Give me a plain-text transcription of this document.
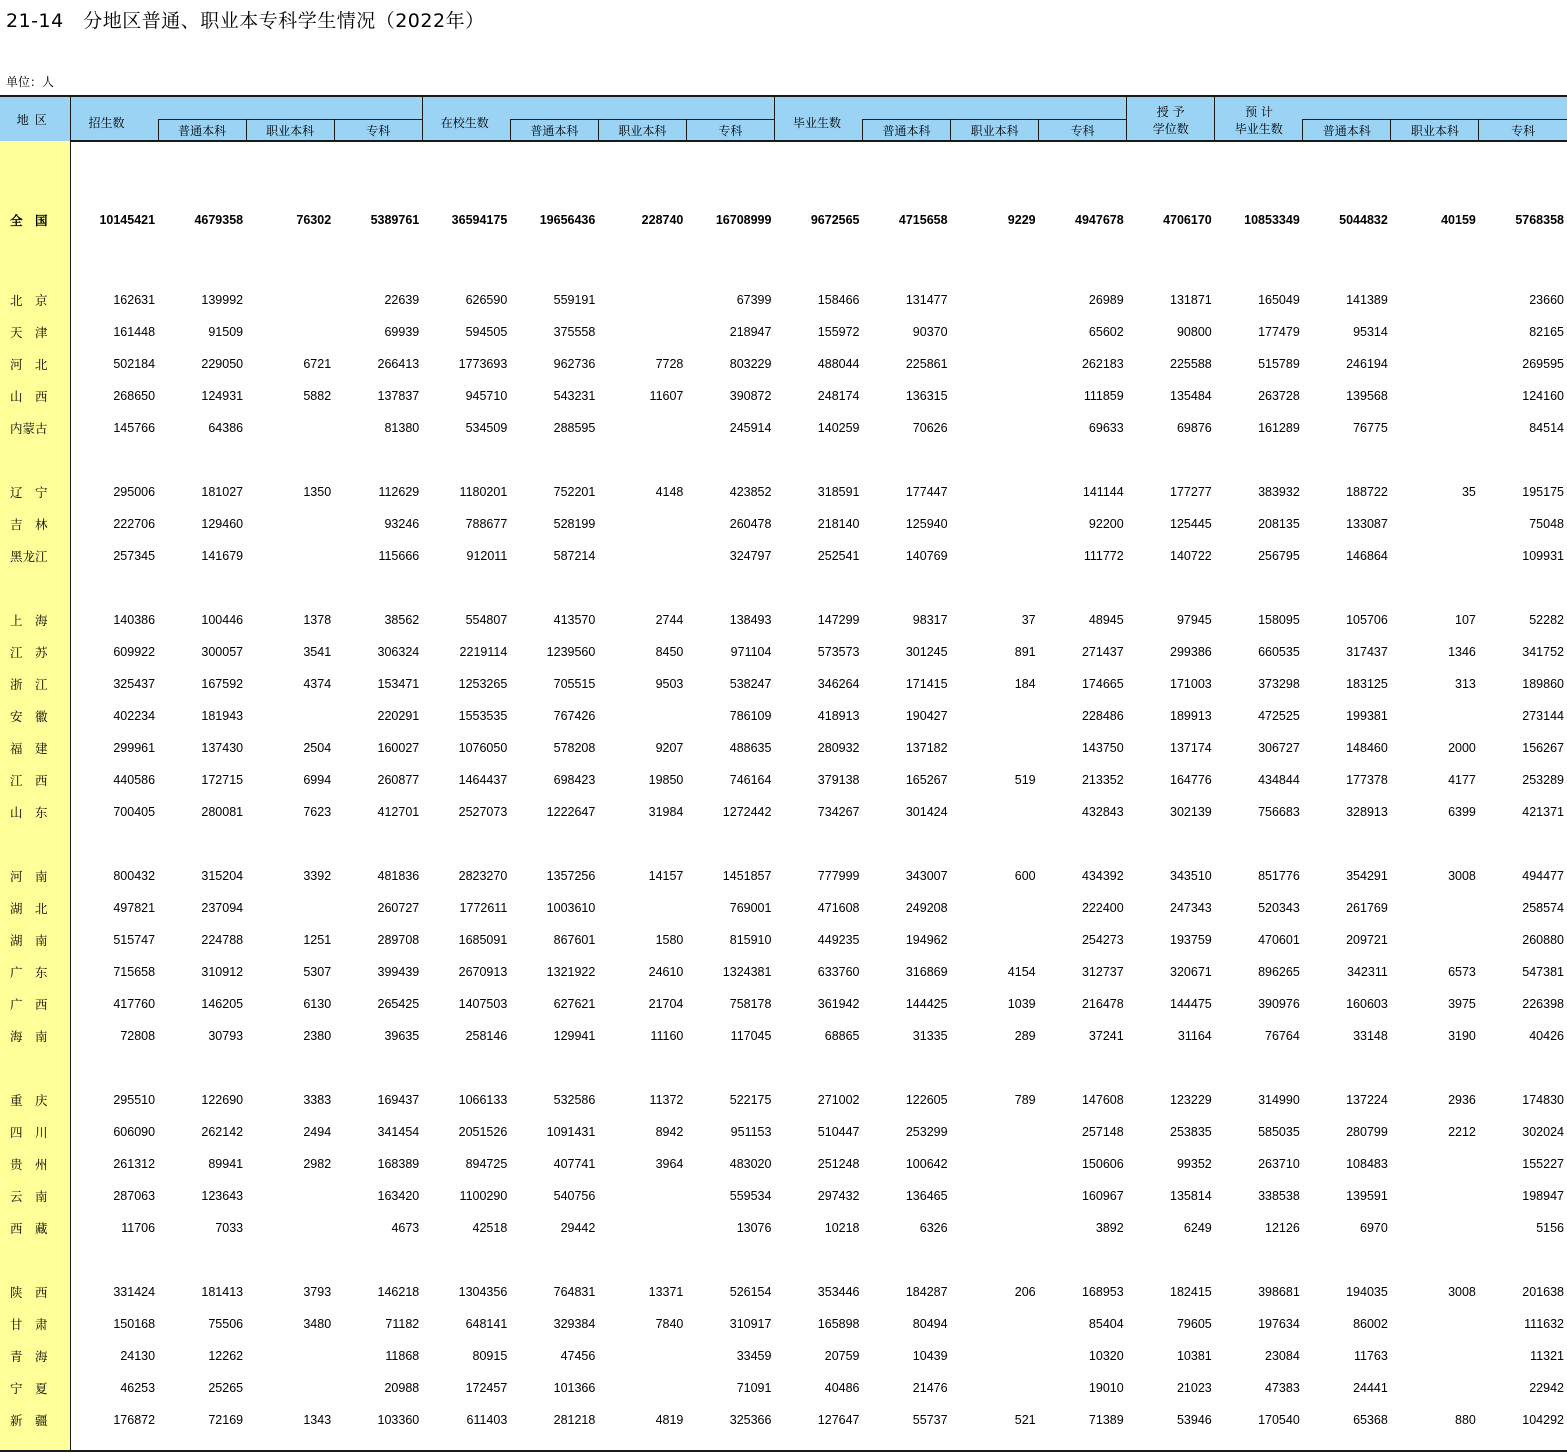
21-14　分地区普通、职业本专科学生情况（2022年）
单位：人
地区	招生数				在校生数				毕业生数				授 予	预 计			
		普通本科	职业本科	专科		普通本科	职业本科	专科		普通本科	职业本科	专科	学位数	毕业生数	普通本科	职业本科	专科

全　国	10145421	4679358	76302	5389761	36594175	19656436	228740	16708999	9672565	4715658	9229	4947678	4706170	10853349	5044832	40159	5768358

北　京	162631	139992		22639	626590	559191		67399	158466	131477		26989	131871	165049	141389		23660
天　津	161448	91509		69939	594505	375558		218947	155972	90370		65602	90800	177479	95314		82165
河　北	502184	229050	6721	266413	1773693	962736	7728	803229	488044	225861		262183	225588	515789	246194		269595
山　西	268650	124931	5882	137837	945710	543231	11607	390872	248174	136315		111859	135484	263728	139568		124160
内蒙古	145766	64386		81380	534509	288595		245914	140259	70626		69633	69876	161289	76775		84514

辽　宁	295006	181027	1350	112629	1180201	752201	4148	423852	318591	177447		141144	177277	383932	188722	35	195175
吉　林	222706	129460		93246	788677	528199		260478	218140	125940		92200	125445	208135	133087		75048
黑龙江	257345	141679		115666	912011	587214		324797	252541	140769		111772	140722	256795	146864		109931

上　海	140386	100446	1378	38562	554807	413570	2744	138493	147299	98317	37	48945	97945	158095	105706	107	52282
江　苏	609922	300057	3541	306324	2219114	1239560	8450	971104	573573	301245	891	271437	299386	660535	317437	1346	341752
浙　江	325437	167592	4374	153471	1253265	705515	9503	538247	346264	171415	184	174665	171003	373298	183125	313	189860
安　徽	402234	181943		220291	1553535	767426		786109	418913	190427		228486	189913	472525	199381		273144
福　建	299961	137430	2504	160027	1076050	578208	9207	488635	280932	137182		143750	137174	306727	148460	2000	156267
江　西	440586	172715	6994	260877	1464437	698423	19850	746164	379138	165267	519	213352	164776	434844	177378	4177	253289
山　东	700405	280081	7623	412701	2527073	1222647	31984	1272442	734267	301424		432843	302139	756683	328913	6399	421371

河　南	800432	315204	3392	481836	2823270	1357256	14157	1451857	777999	343007	600	434392	343510	851776	354291	3008	494477
湖　北	497821	237094		260727	1772611	1003610		769001	471608	249208		222400	247343	520343	261769		258574
湖　南	515747	224788	1251	289708	1685091	867601	1580	815910	449235	194962		254273	193759	470601	209721		260880
广　东	715658	310912	5307	399439	2670913	1321922	24610	1324381	633760	316869	4154	312737	320671	896265	342311	6573	547381
广　西	417760	146205	6130	265425	1407503	627621	21704	758178	361942	144425	1039	216478	144475	390976	160603	3975	226398
海　南	72808	30793	2380	39635	258146	129941	11160	117045	68865	31335	289	37241	31164	76764	33148	3190	40426

重　庆	295510	122690	3383	169437	1066133	532586	11372	522175	271002	122605	789	147608	123229	314990	137224	2936	174830
四　川	606090	262142	2494	341454	2051526	1091431	8942	951153	510447	253299		257148	253835	585035	280799	2212	302024
贵　州	261312	89941	2982	168389	894725	407741	3964	483020	251248	100642		150606	99352	263710	108483		155227
云　南	287063	123643		163420	1100290	540756		559534	297432	136465		160967	135814	338538	139591		198947
西　藏	11706	7033		4673	42518	29442		13076	10218	6326		3892	6249	12126	6970		5156

陕　西	331424	181413	3793	146218	1304356	764831	13371	526154	353446	184287	206	168953	182415	398681	194035	3008	201638
甘　肃	150168	75506	3480	71182	648141	329384	7840	310917	165898	80494		85404	79605	197634	86002		111632
青　海	24130	12262		11868	80915	47456		33459	20759	10439		10320	10381	23084	11763		11321
宁　夏	46253	25265		20988	172457	101366		71091	40486	21476		19010	21023	47383	24441		22942
新　疆	176872	72169	1343	103360	611403	281218	4819	325366	127647	55737	521	71389	53946	170540	65368	880	104292
